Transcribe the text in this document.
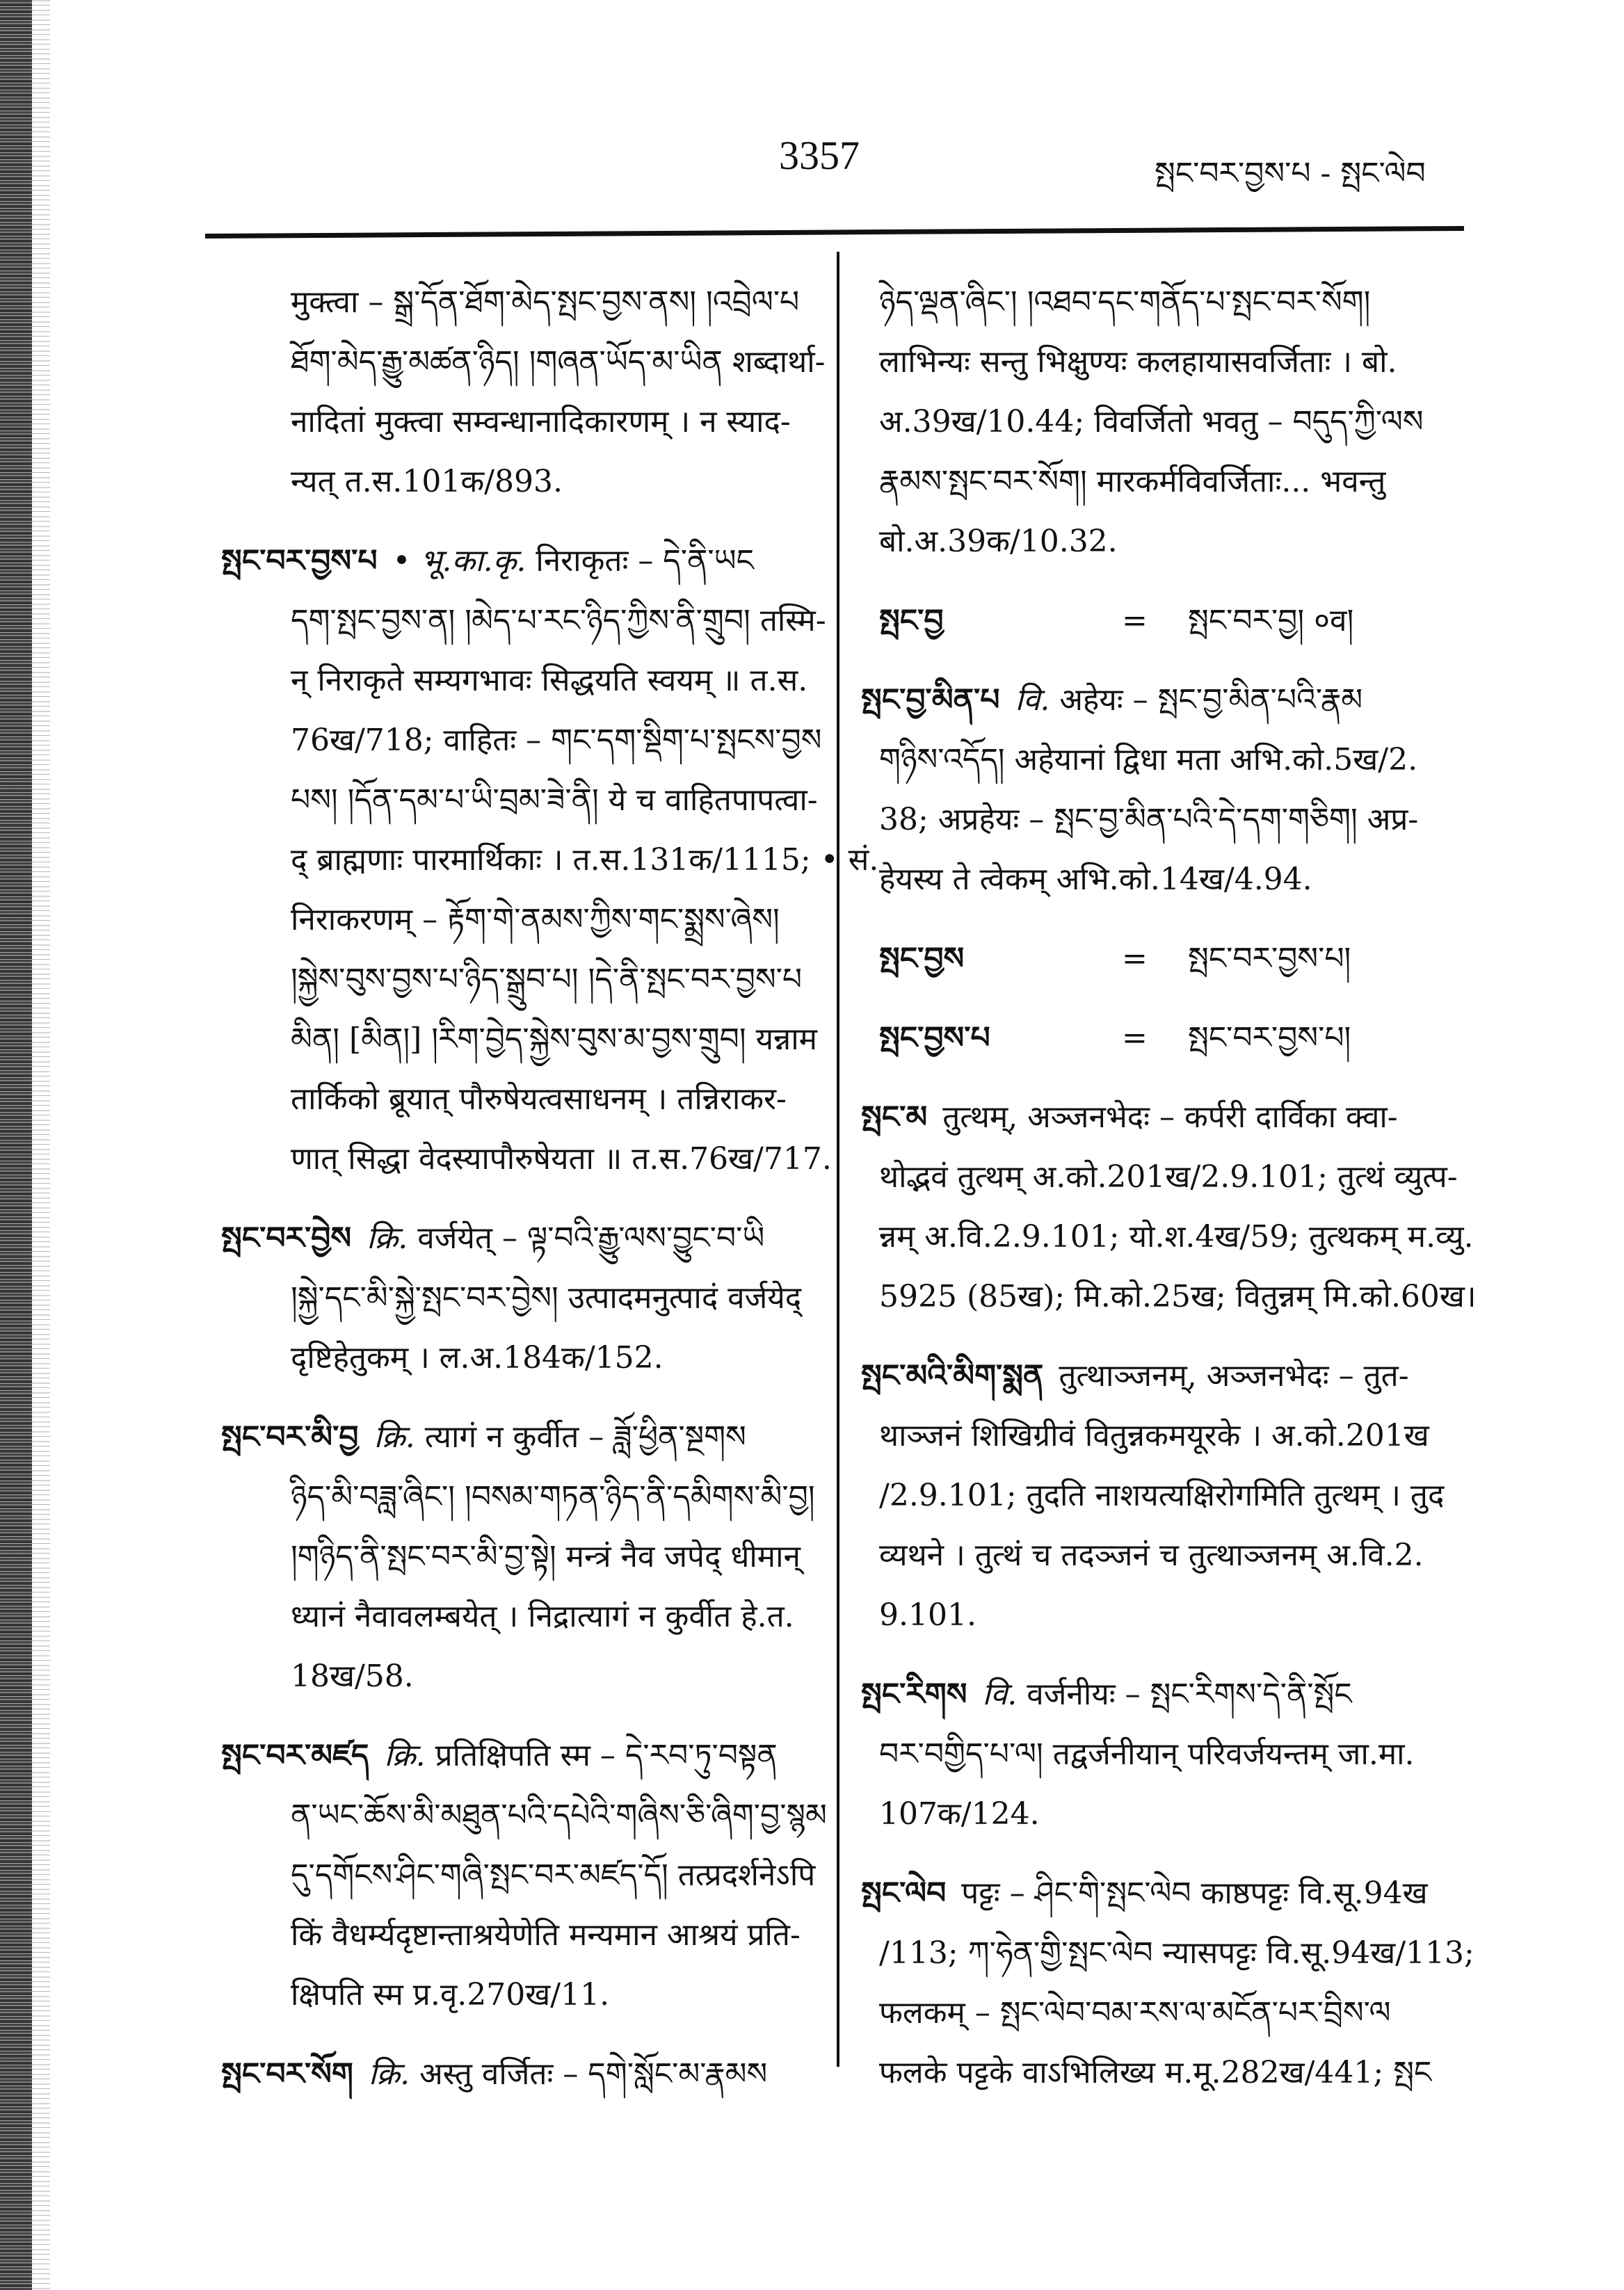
3357	སྤང་བར་བྱས་པ - སྤང་ལེབ
मुक्त्वा – སྒྲ་དོན་ཐོག་མེད་སྤང་བྱས་ནས། །འབྲེལ་པ
ཐོག་མེད་རྒྱུ་མཚན་ཉིད། །གཞན་ཡོད་མ་ཡིན शब्दार्था-
नादितां मुक्त्वा सम्वन्धानादिकारणम् । न स्याद-
न्यत् त.स.101क/893.
སྤང་བར་བྱས་པ • भू.का.कृ. निराकृतः – དེ་ནི་ཡང
དག་སྤང་བྱས་ན། །མེད་པ་རང་ཉིད་ཀྱིས་ནི་གྲུབ། तस्मि-
न् निराकृते सम्यगभावः सिद्धयति स्वयम् ॥ त.स.
76ख/718; वाहितः – གང་དག་སྡིག་པ་སྤངས་བྱས
པས། །དོན་དམ་པ་ཡི་བྲམ་ཟེ་ནི། ये च वाहितपापत्वा-
द् ब्राह्मणाः पारमार्थिकाः । त.स.131क/1115; • सं.
निराकरणम् – རྟོག་གེ་ནམས་ཀྱིས་གང་སྨྲས་ཞེས།
།སྐྱེས་བུས་བྱས་པ་ཉིད་སྒྲུབ་པ། །དེ་ནི་སྤང་བར་བྱས་པ
མིན། [མིན།] །རིག་བྱེད་སྐྱེས་བུས་མ་བྱས་གྲུབ། यन्नाम
तार्किको ब्रूयात् पौरुषेयत्वसाधनम् । तन्निराकर-
णात् सिद्धा वेदस्यापौरुषेयता ॥ त.स.76ख/717.
སྤང་བར་བྱེས क्रि. वर्जयेत् – ལྟ་བའི་རྒྱུ་ལས་བྱུང་བ་ཡི
།སྐྱེ་དང་མི་སྐྱེ་སྤང་བར་བྱེས། उत्पादमनुत्पादं वर्जयेद्
दृष्टिहेतुकम् । ल.अ.184क/152.
སྤང་བར་མི་བྱ क्रि. त्यागं न कुर्वीत – ཟློ་ཕྱིན་སྔགས
ཉིད་མི་བཟླ་ཞིང་། །བསམ་གཏན་ཉིད་ནི་དམིགས་མི་བྱ།
།གཉིད་ནི་སྤང་བར་མི་བྱ་སྟེ། मन्त्रं नैव जपेद् धीमान्
ध्यानं नैवावलम्बयेत् । निद्रात्यागं न कुर्वीत हे.त.
18ख/58.
སྤང་བར་མཛད क्रि. प्रतिक्षिपति स्म – དེ་རབ་ཏུ་བསྟན
ན་ཡང་ཆོས་མི་མཐུན་པའི་དཔེའི་གཞིས་ཅི་ཞིག་བྱ་སྙམ
དུ་དགོངས་ཤིང་གཞི་སྤང་བར་མཛད་དོ། तत्प्रदर्शनेऽपि
किं वैधर्म्यदृष्टान्ताश्रयेणेति मन्यमान आश्रयं प्रति-
क्षिपति स्म प्र.वृ.270ख/11.
སྤང་བར་སོག क्रि. अस्तु वर्जितः – དགེ་སློང་མ་རྣམས
ཉེད་ལྡན་ཞིང་། །འཐབ་དང་གནོད་པ་སྤང་བར་སོག།
लाभिन्यः सन्तु भिक्षुण्यः कलहायासवर्जिताः । बो.
अ.39ख/10.44; विवर्जितो भवतु – བདུད་ཀྱི་ལས
རྣམས་སྤང་བར་སོག། मारकर्मविवर्जिताः... भवन्तु
बो.अ.39क/10.32.
སྤང་བྱ	= སྤང་བར་བྱ། ०व།
སྤང་བྱ་མིན་པ वि. अहेयः – སྤང་བྱ་མིན་པའི་རྣམ
གཉིས་འདོད། अहेयानां द्विधा मता अभि.को.5ख/2.
38; अप्रहेयः – སྤང་བྱ་མིན་པའི་དེ་དག་གཅིག། अप्र-
हेयस्य ते त्वेकम् अभि.को.14ख/4.94.
སྤང་བྱས	= སྤང་བར་བྱས་པ།
སྤང་བྱས་པ	= སྤང་བར་བྱས་པ།
སྤང་མ तुत्थम्, अञ्जनभेदः – कर्परी दार्विका क्वा-
थोद्भवं तुत्थम् अ.को.201ख/2.9.101; तुत्थं व्युत्प-
न्नम् अ.वि.2.9.101; यो.श.4ख/59; तुत्थकम् म.व्यु.
5925 (85ख); मि.को.25ख; वितुन्नम् मि.को.60ख।
སྤང་མའི་མིག་སྨན तुत्थाञ्जनम्, अञ्जनभेदः – तुत-
थाञ्जनं शिखिग्रीवं वितुन्नकमयूरके । अ.को.201ख
/2.9.101; तुदति नाशयत्यक्षिरोगमिति तुत्थम् । तुद
व्यथने । तुत्थं च तदञ्जनं च तुत्थाञ्जनम् अ.वि.2.
9.101.
སྤང་རིགས वि. वर्जनीयः – སྤང་རིགས་དེ་ནི་སྤོང
བར་བགྱིད་པ་ལ། तद्वर्जनीयान् परिवर्जयन्तम् जा.मा.
107क/124.
སྤང་ལེབ पट्टः – ཤིང་གི་སྤང་ལེབ काष्ठपट्टः वि.सू.94ख
/113; ཀ་ཧེན་གྱི་སྤང་ལེབ न्यासपट्टः वि.सू.94ख/113;
फलकम् – སྤང་ལེབ་བམ་རས་ལ་མངོན་པར་བྲིས་ལ
फलके पट्टके वाऽभिलिख्य म.मू.282ख/441; སྤང
